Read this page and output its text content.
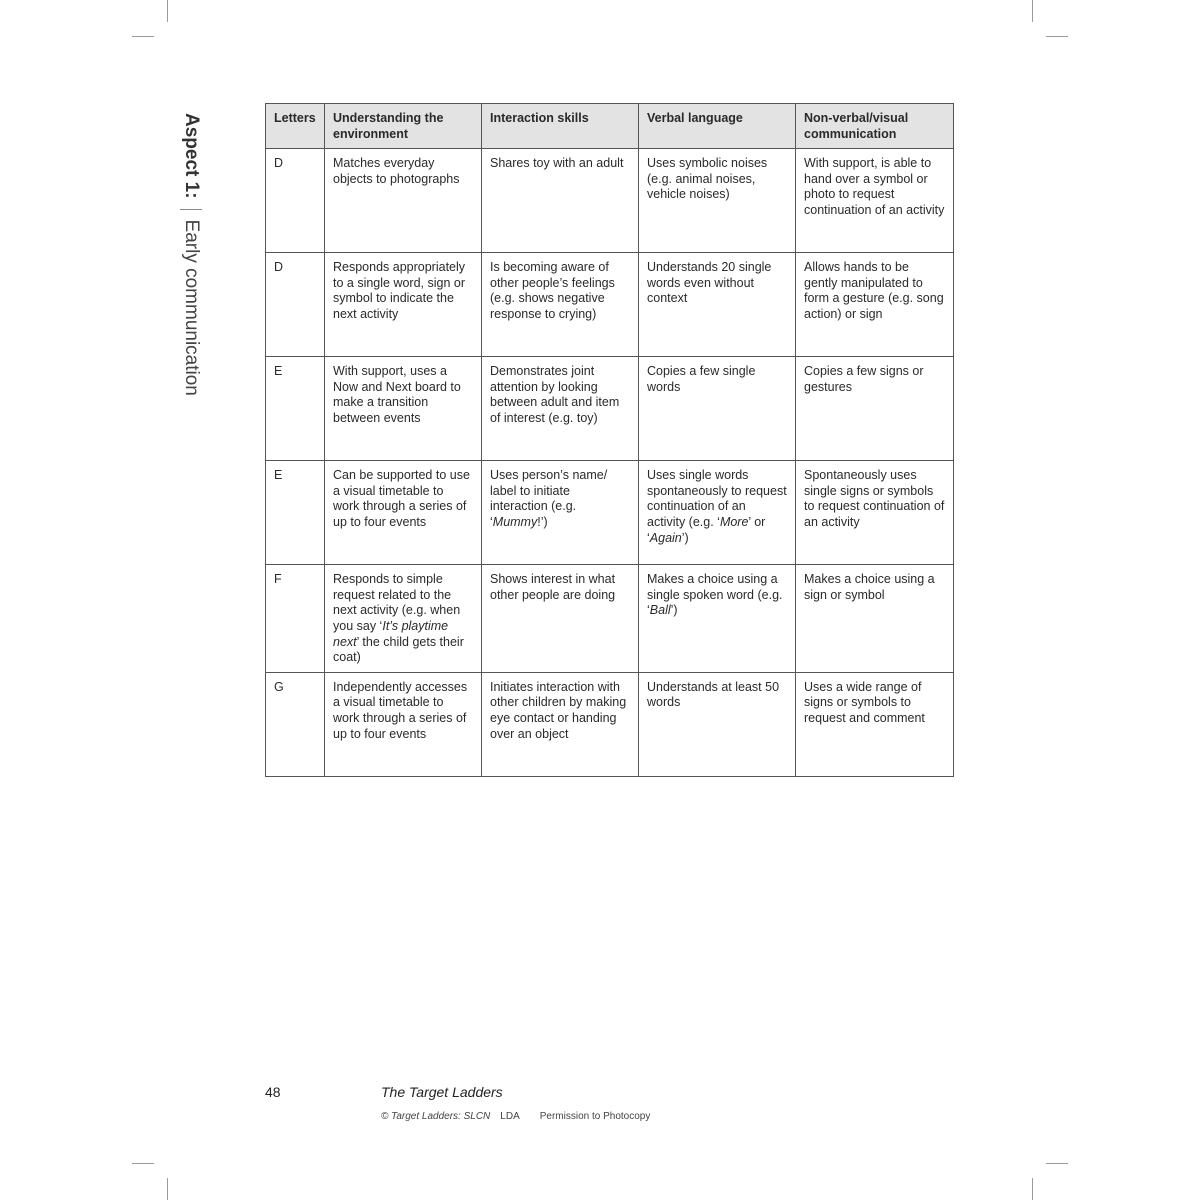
Aspect 1:Early communication
Letters	Understanding the environment	Interaction skills	Verbal language	Non-verbal/visual communication
D	Matches everyday objects to photographs	Shares toy with an adult	Uses symbolic noises (e.g. animal noises, vehicle noises)	With support, is able to hand over a symbol or photo to request continuation of an activity
D	Responds appropriately to a single word, sign or symbol to indicate the next activity	Is becoming aware of other people’s feelings (e.g. shows negative response to crying)	Understands 20 single words even without context	Allows hands to be gently manipulated to form a gesture (e.g. song action) or sign
E	With support, uses a Now and Next board to make a transition between events	Demonstrates joint attention by looking between adult and item of interest (e.g. toy)	Copies a few single words	Copies a few signs or gestures
E	Can be supported to use a visual timetable to work through a series of up to four events	Uses person’s name/ label to initiate interaction (e.g. ‘Mummy!’)	Uses single words spontaneously to request continuation of an activity (e.g. ‘More’ or ‘Again’)	Spontaneously uses single signs or symbols to request continuation of an activity
F	Responds to simple request related to the next activity (e.g. when you say ‘It’s playtime next’ the child gets their coat)	Shows interest in what other people are doing	Makes a choice using a single spoken word (e.g. ‘Ball’)	Makes a choice using a sign or symbol
G	Independently accesses a visual timetable to work through a series of up to four events	Initiates interaction with other children by making eye contact or handing over an object	Understands at least 50 words	Uses a wide range of signs or symbols to request and comment
48	The Target Ladders
© Target Ladders: SLCN LDA Permission to Photocopy
